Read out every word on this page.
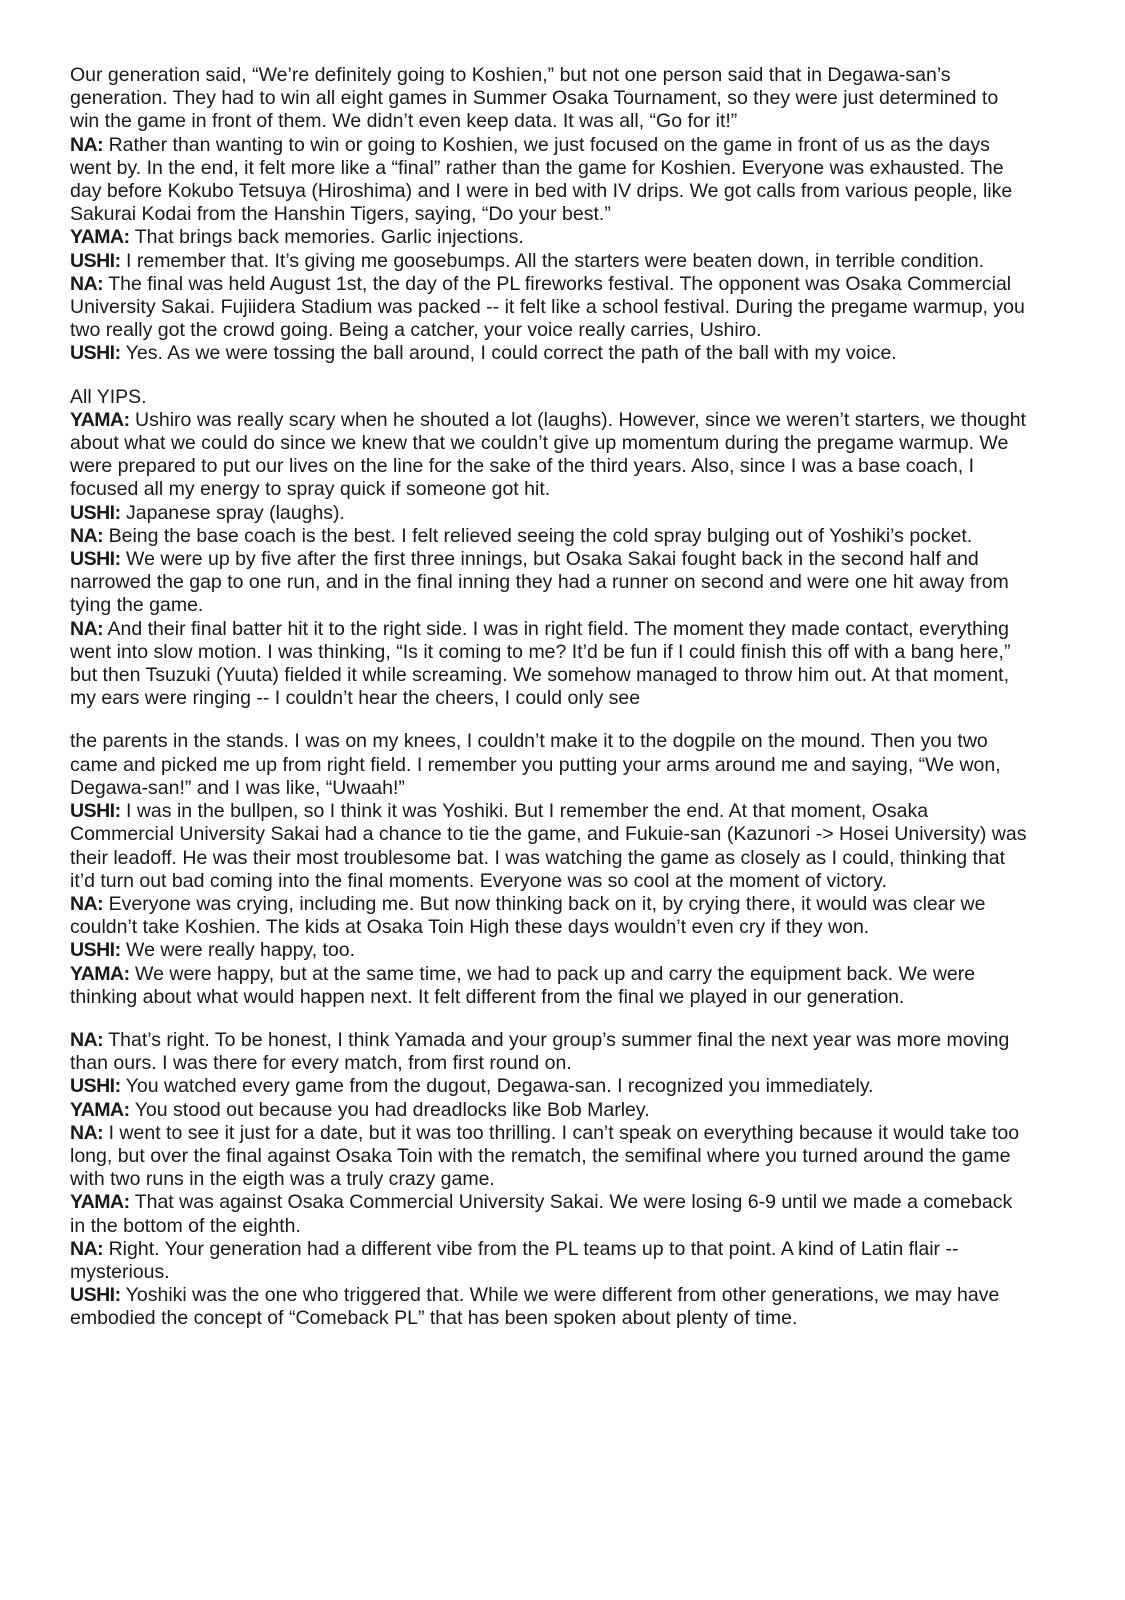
Our generation said, “We’re definitely going to Koshien,” but not one person said that in Degawa-san’s generation. They had to win all eight games in Summer Osaka Tournament, so they were just determined to win the game in front of them. We didn’t even keep data. It was all, “Go for it!”

NA: Rather than wanting to win or going to Koshien, we just focused on the game in front of us as the days went by. In the end, it felt more like a “final” rather than the game for Koshien. Everyone was exhausted. The day before Kokubo Tetsuya (Hiroshima) and I were in bed with IV drips. We got calls from various people, like Sakurai Kodai from the Hanshin Tigers, saying, “Do your best.”

YAMA: That brings back memories. Garlic injections.

USHI: I remember that. It’s giving me goosebumps. All the starters were beaten down, in terrible condition.

NA: The final was held August 1st, the day of the PL fireworks festival. The opponent was Osaka Commercial University Sakai. Fujiidera Stadium was packed -- it felt like a school festival. During the pregame warmup, you two really got the crowd going. Being a catcher, your voice really carries, Ushiro.

USHI: Yes. As we were tossing the ball around, I could correct the path of the ball with my voice.

All YIPS.

YAMA: Ushiro was really scary when he shouted a lot (laughs). However, since we weren’t starters, we thought about what we could do since we knew that we couldn’t give up momentum during the pregame warmup. We were prepared to put our lives on the line for the sake of the third years. Also, since I was a base coach, I focused all my energy to spray quick if someone got hit.

USHI: Japanese spray (laughs).

NA: Being the base coach is the best. I felt relieved seeing the cold spray bulging out of Yoshiki’s pocket.

USHI: We were up by five after the first three innings, but Osaka Sakai fought back in the second half and narrowed the gap to one run, and in the final inning they had a runner on second and were one hit away from tying the game.

NA: And their final batter hit it to the right side. I was in right field. The moment they made contact, everything went into slow motion. I was thinking, “Is it coming to me? It’d be fun if I could finish this off with a bang here,” but then Tsuzuki (Yuuta) fielded it while screaming. We somehow managed to throw him out. At that moment, my ears were ringing -- I couldn’t hear the cheers, I could only see

the parents in the stands. I was on my knees, I couldn’t make it to the dogpile on the mound. Then you two came and picked me up from right field. I remember you putting your arms around me and saying, “We won, Degawa-san!” and I was like, “Uwaah!”

USHI: I was in the bullpen, so I think it was Yoshiki. But I remember the end. At that moment, Osaka Commercial University Sakai had a chance to tie the game, and Fukuie-san (Kazunori -> Hosei University) was their leadoff. He was their most troublesome bat. I was watching the game as closely as I could, thinking that it’d turn out bad coming into the final moments. Everyone was so cool at the moment of victory.

NA: Everyone was crying, including me. But now thinking back on it, by crying there, it would was clear we couldn’t take Koshien. The kids at Osaka Toin High these days wouldn’t even cry if they won.

USHI: We were really happy, too.

YAMA: We were happy, but at the same time, we had to pack up and carry the equipment back. We were thinking about what would happen next. It felt different from the final we played in our generation.

NA: That’s right. To be honest, I think Yamada and your group’s summer final the next year was more moving than ours. I was there for every match, from first round on.

USHI: You watched every game from the dugout, Degawa-san. I recognized you immediately.

YAMA: You stood out because you had dreadlocks like Bob Marley.

NA: I went to see it just for a date, but it was too thrilling. I can’t speak on everything because it would take too long, but over the final against Osaka Toin with the rematch, the semifinal where you turned around the game with two runs in the eigth was a truly crazy game.

YAMA: That was against Osaka Commercial University Sakai. We were losing 6-9 until we made a comeback in the bottom of the eighth.

NA: Right. Your generation had a different vibe from the PL teams up to that point. A kind of Latin flair -- mysterious.

USHI: Yoshiki was the one who triggered that. While we were different from other generations, we may have embodied the concept of “Comeback PL” that has been spoken about plenty of time.
